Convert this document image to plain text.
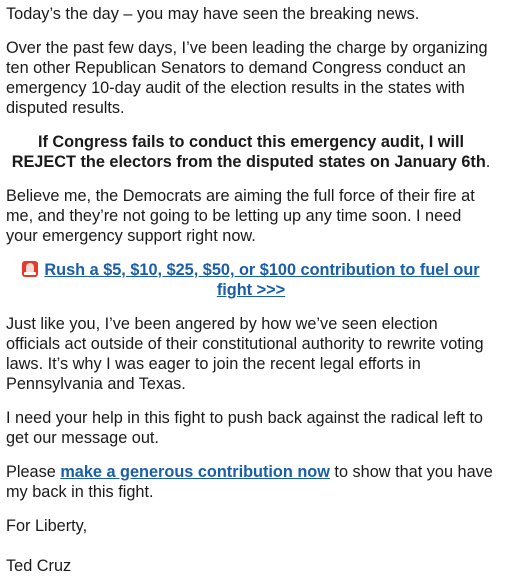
Today’s the day – you may have seen the breaking news.

Over the past few days, I’ve been leading the charge by organizing ten other Republican Senators to demand Congress conduct an emergency 10-day audit of the election results in the states with disputed results.

If Congress fails to conduct this emergency audit, I will REJECT the electors from the disputed states on January 6th.

Believe me, the Democrats are aiming the full force of their fire at me, and they’re not going to be letting up any time soon. I need your emergency support right now.

Rush a $5, $10, $25, $50, or $100 contribution to fuel our fight >>>

Just like you, I’ve been angered by how we’ve seen election officials act outside of their constitutional authority to rewrite voting laws. It’s why I was eager to join the recent legal efforts in Pennsylvania and Texas.

I need your help in this fight to push back against the radical left to get our message out.

Please make a generous contribution now to show that you have my back in this fight.

For Liberty,

Ted Cruz
